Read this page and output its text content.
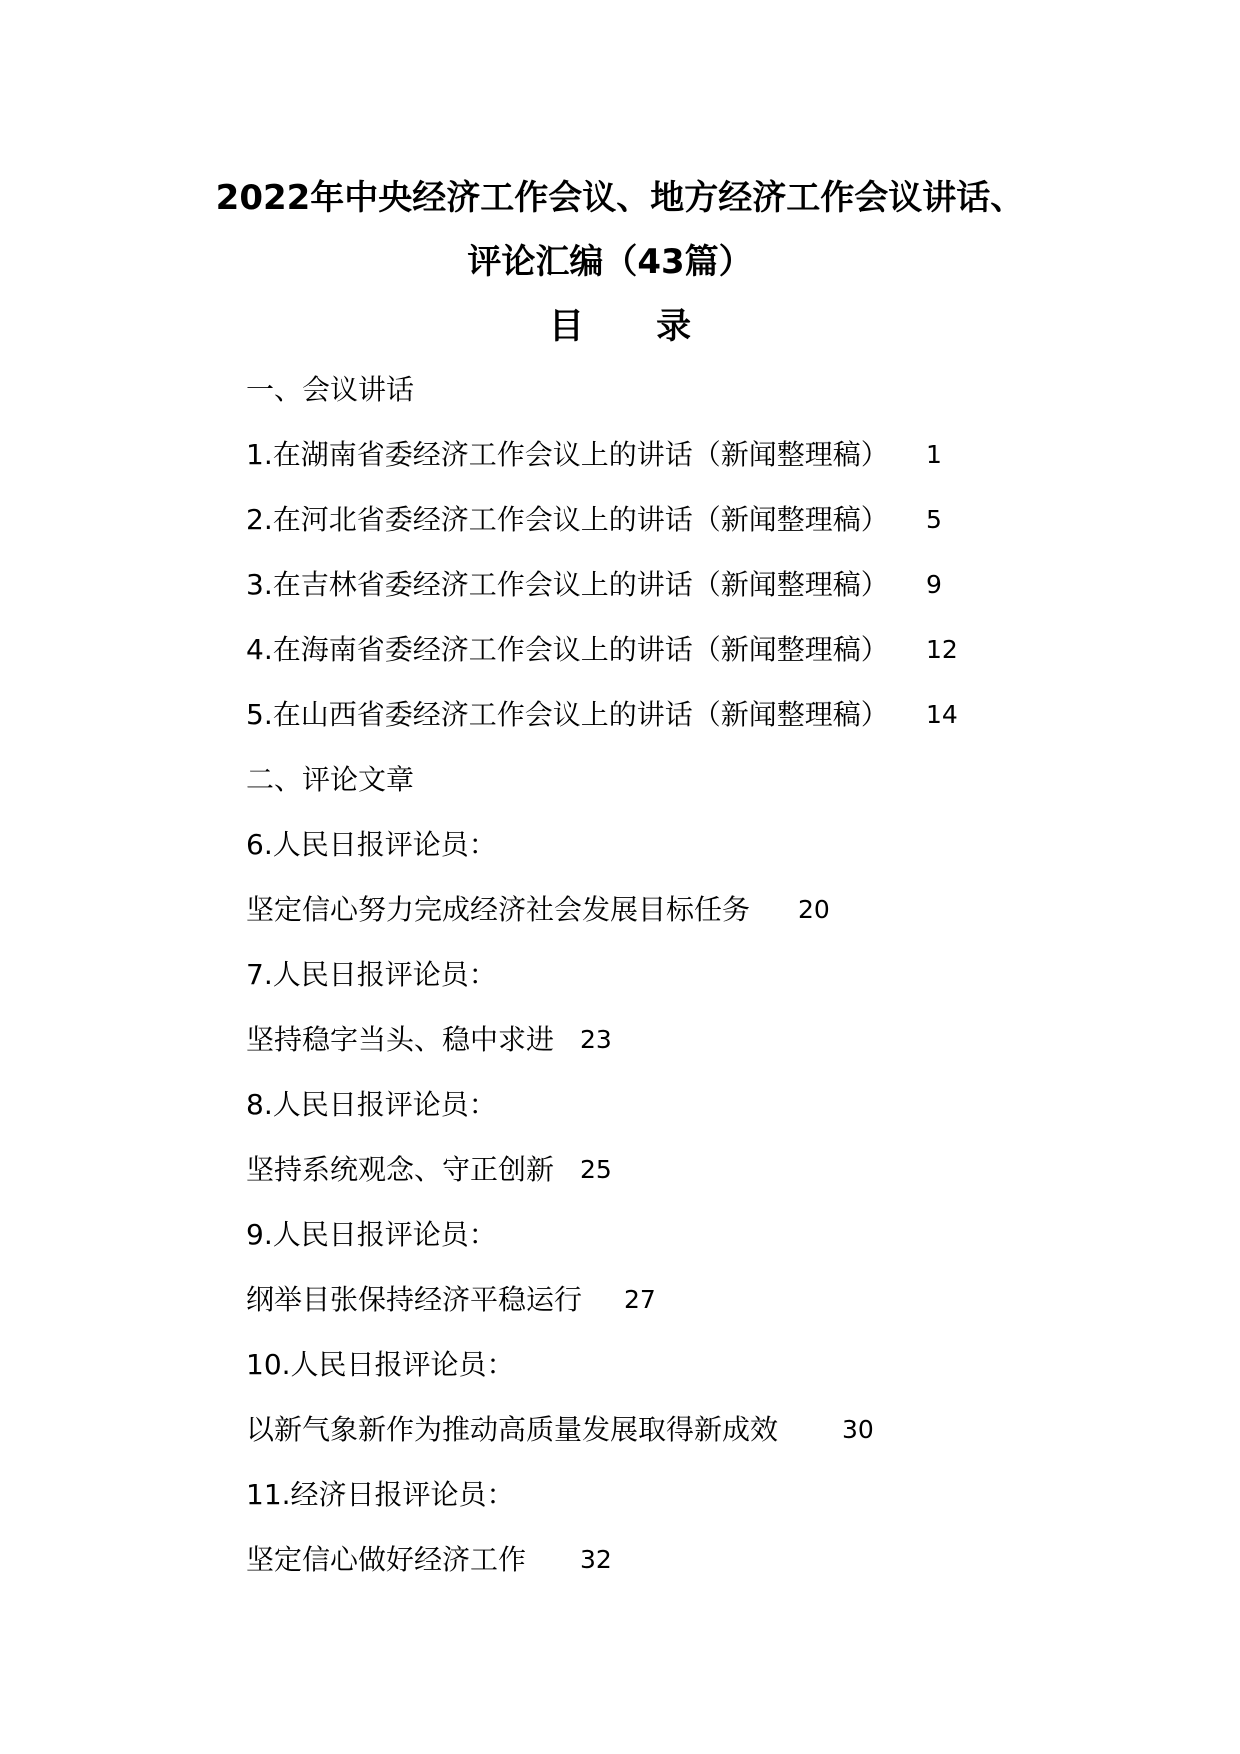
2022年中央经济工作会议、地方经济工作会议讲话、
评论汇编（43篇）
目 录
一、会议讲话
1.在湖南省委经济工作会议上的讲话（新闻整理稿） 1
2.在河北省委经济工作会议上的讲话（新闻整理稿） 5
3.在吉林省委经济工作会议上的讲话（新闻整理稿） 9
4.在海南省委经济工作会议上的讲话（新闻整理稿） 12
5.在山西省委经济工作会议上的讲话（新闻整理稿） 14
二、评论文章
6.人民日报评论员：
坚定信心努力完成经济社会发展目标任务 20
7.人民日报评论员：
坚持稳字当头、稳中求进 23
8.人民日报评论员：
坚持系统观念、守正创新 25
9.人民日报评论员：
纲举目张保持经济平稳运行 27
10.人民日报评论员：
以新气象新作为推动高质量发展取得新成效	30
11.经济日报评论员：
坚定信心做好经济工作 32
